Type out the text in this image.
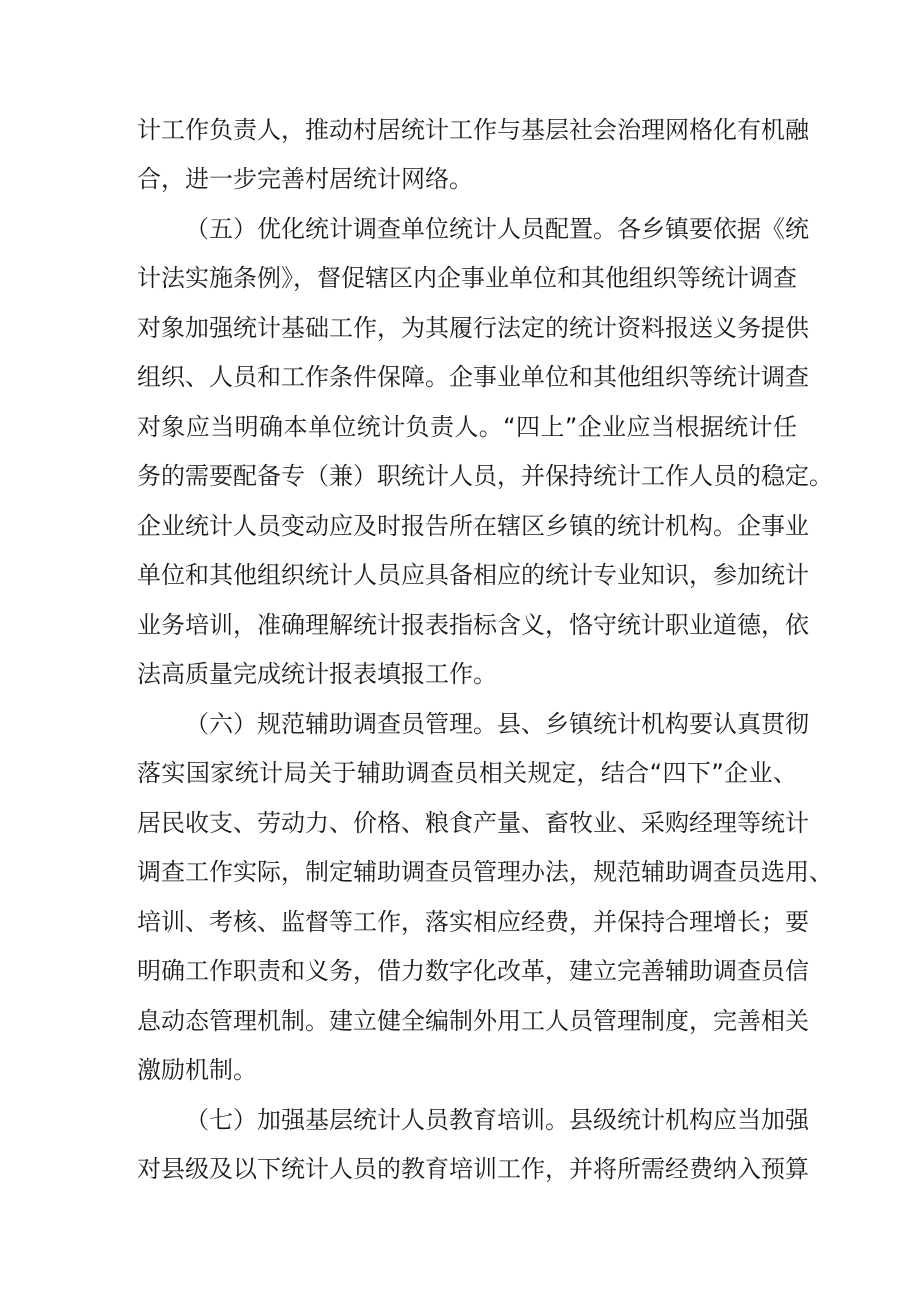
计工作负责人，推动村居统计工作与基层社会治理网格化有机融
合，进一步完善村居统计网络。
（五）优化统计调查单位统计人员配置。各乡镇要依据《统
计法实施条例》，督促辖区内企事业单位和其他组织等统计调查
对象加强统计基础工作，为其履行法定的统计资料报送义务提供
组织、人员和工作条件保障。企事业单位和其他组织等统计调查
对象应当明确本单位统计负责人。“四上”企业应当根据统计任
务的需要配备专（兼）职统计人员，并保持统计工作人员的稳定。
企业统计人员变动应及时报告所在辖区乡镇的统计机构。企事业
单位和其他组织统计人员应具备相应的统计专业知识，参加统计
业务培训，准确理解统计报表指标含义，恪守统计职业道德，依
法高质量完成统计报表填报工作。
（六）规范辅助调查员管理。县、乡镇统计机构要认真贯彻
落实国家统计局关于辅助调查员相关规定，结合“四下”企业、
居民收支、劳动力、价格、粮食产量、畜牧业、采购经理等统计
调查工作实际，制定辅助调查员管理办法，规范辅助调查员选用、
培训、考核、监督等工作，落实相应经费，并保持合理增长；要
明确工作职责和义务，借力数字化改革，建立完善辅助调查员信
息动态管理机制。建立健全编制外用工人员管理制度，完善相关
激励机制。
（七）加强基层统计人员教育培训。县级统计机构应当加强
对县级及以下统计人员的教育培训工作，并将所需经费纳入预算
